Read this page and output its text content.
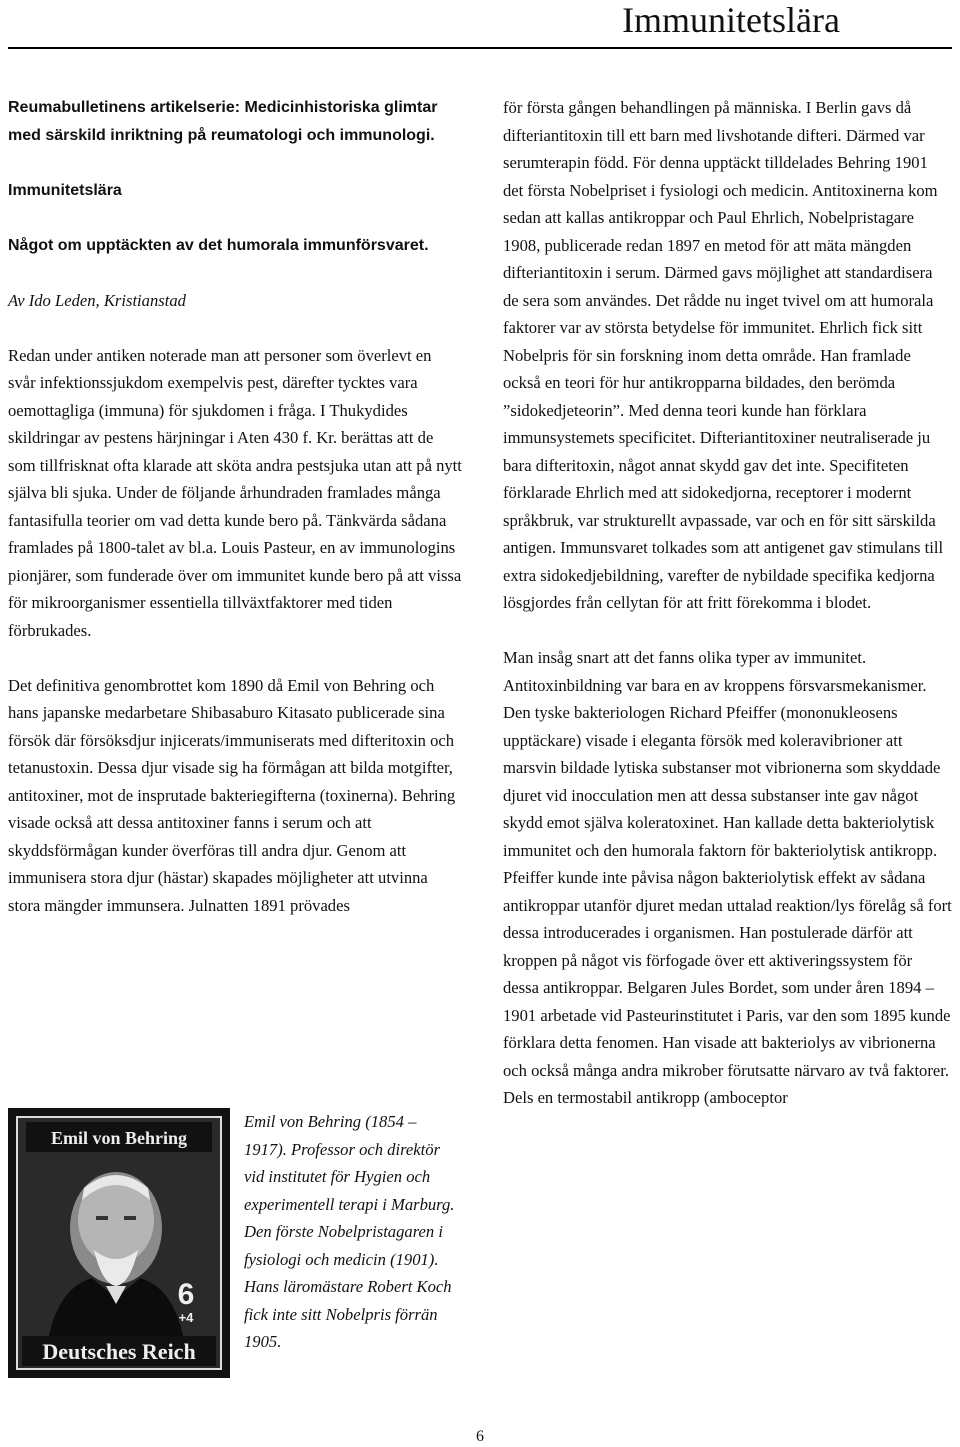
Immunitetslära

Reumabulletinens artikelserie: Medicinhistoriska glimtar med särskild inriktning på reumatologi och immunologi.

Immunitetslära

Något om upptäckten av det humorala immunförsvaret.

Av Ido Leden, Kristianstad

Redan under antiken noterade man att personer som överlevt en svår infektionssjukdom exempelvis pest, därefter tycktes vara oemottagliga (immuna) för sjukdomen i fråga. I Thukydides skildringar av pestens härjningar i Aten 430 f. Kr. berättas att de som tillfrisknat ofta klarade att sköta andra pestsjuka utan att på nytt själva bli sjuka. Under de följande århundraden framlades många fantasifulla teorier om vad detta kunde bero på. Tänkvärda sådana framlades på 1800-talet av bl.a. Louis Pasteur, en av immunologins pionjärer, som funderade över om immunitet kunde bero på att vissa för mikroorganismer essentiella tillväxtfaktorer med tiden förbrukades.

Det definitiva genombrottet kom 1890 då Emil von Behring och hans japanske medarbetare Shibasaburo Kitasato publicerade sina försök där försöksdjur injicerats/immuniserats med difteritoxin och tetanustoxin. Dessa djur visade sig ha förmågan att bilda motgifter, antitoxiner, mot de insprutade bakteriegifterna (toxinerna). Behring visade också att dessa antitoxiner fanns i serum och att skyddsförmågan kunder överföras till andra djur. Genom att immunisera stora djur (hästar) skapades möjligheter att utvinna stora mängder immunsera. Julnatten 1891 prövades

Emil von Behring
6
+4
Deutsches Reich

Emil von Behring (1854 – 1917). Professor och direktör vid institutet för Hygien och experimentell terapi i Marburg. Den förste Nobelpristagaren i fysiologi och medicin (1901). Hans läromästare Robert Koch fick inte sitt Nobelpris förrän 1905.

för första gången behandlingen på människa. I Berlin gavs då difteriantitoxin till ett barn med livshotande difteri. Därmed var serumterapin född. För denna upptäckt tilldelades Behring 1901 det första Nobelpriset i fysiologi och medicin. Antitoxinerna kom sedan att kallas antikroppar och Paul Ehrlich, Nobelpristagare 1908, publicerade redan 1897 en metod för att mäta mängden difteriantitoxin i serum. Därmed gavs möjlighet att standardisera de sera som användes. Det rådde nu inget tvivel om att humorala faktorer var av största betydelse för immunitet. Ehrlich fick sitt Nobelpris för sin forskning inom detta område. Han framlade också en teori för hur antikropparna bildades, den berömda ”sidokedjeteorin”. Med denna teori kunde han förklara immunsystemets specificitet. Difteriantitoxiner neutraliserade ju bara difteritoxin, något annat skydd gav det inte. Specifiteten förklarade Ehrlich med att sidokedjorna, receptorer i modernt språkbruk, var strukturellt avpassade, var och en för sitt särskilda antigen. Immunsvaret tolkades som att antigenet gav stimulans till extra sidokedjebildning, varefter de nybildade specifika kedjorna lösgjordes från cellytan för att fritt förekomma i blodet.

Man insåg snart att det fanns olika typer av immunitet. Antitoxinbildning var bara en av kroppens försvarsmekanismer. Den tyske bakteriologen Richard Pfeiffer (mononukleosens upptäckare) visade i eleganta försök med koleravibrioner att marsvin bildade lytiska substanser mot vibrionerna som skyddade djuret vid inocculation men att dessa substanser inte gav något skydd emot själva koleratoxinet. Han kallade detta bakteriolytisk immunitet och den humorala faktorn för bakteriolytisk antikropp. Pfeiffer kunde inte påvisa någon bakteriolytisk effekt av sådana antikroppar utanför djuret medan uttalad reaktion/lys förelåg så fort dessa introducerades i organismen. Han postulerade därför att kroppen på något vis förfogade över ett aktiveringssystem för dessa antikroppar. Belgaren Jules Bordet, som under åren 1894 – 1901 arbetade vid Pasteurinstitutet i Paris, var den som 1895 kunde förklara detta fenomen. Han visade att bakteriolys av vibrionerna och också många andra mikrober förutsatte närvaro av två faktorer. Dels en termostabil antikropp (amboceptor

6
